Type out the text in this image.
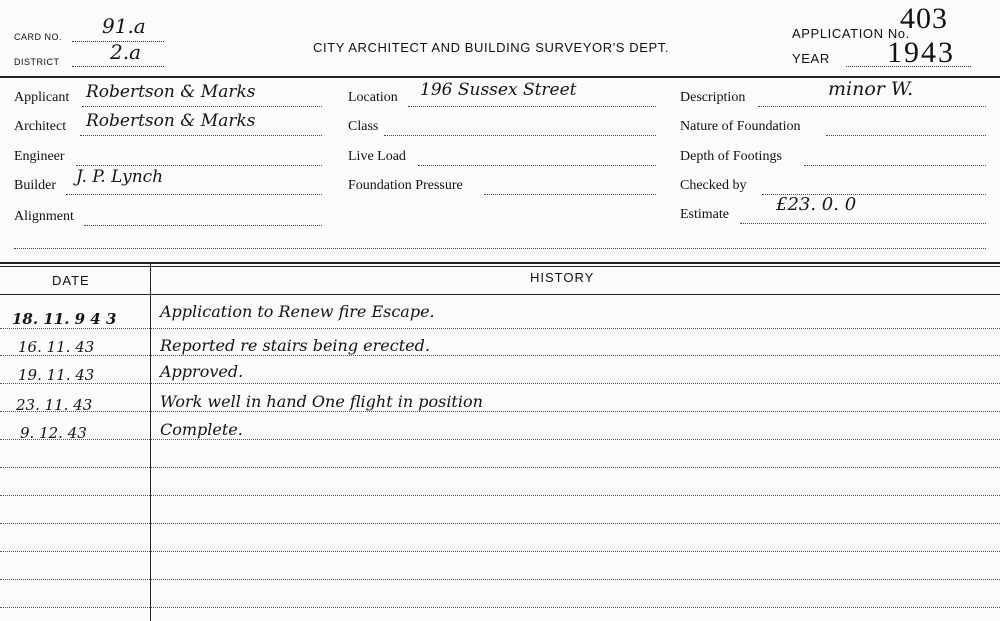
CARD NO. 91.a
DISTRICT	2.a	CITY ARCHITECT AND BUILDING SURVEYOR'S DEPT.
APPLICATION No.
403
YEAR 1943
Applicant Robertson & Marks
Architect Robertson & Marks
Engineer
Builder J. P. Lynch
Alignment
Location 196 Sussex Street
Class
Live Load
Foundation Pressure
Description	minor W.
Nature of Foundation
Depth of Footings
Checked by
Estimate	£23. 0. 0
DATE	HISTORY
18. 11. 9 4 3	Application to Renew fire Escape.
16. 11. 43	Reported re stairs being erected.
19. 11. 43	Approved.
23. 11. 43	Work well in hand One flight in position
9. 12. 43	Complete.
